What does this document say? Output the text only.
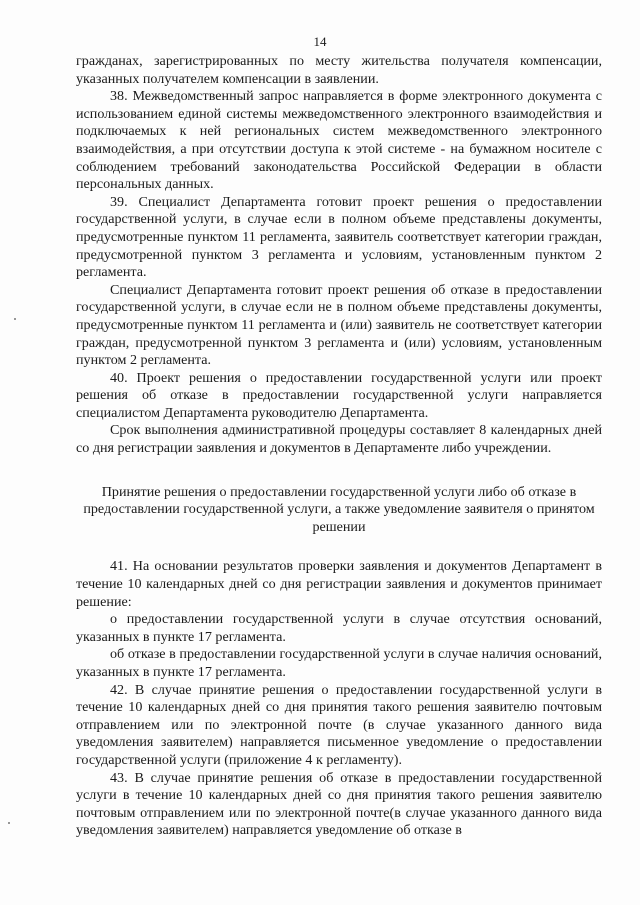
14

гражданах, зарегистрированных по месту жительства получателя компенсации, указанных получателем компенсации в заявлении.

38. Межведомственный запрос направляется в форме электронного документа с использованием единой системы межведомственного электронного взаимодействия и подключаемых к ней региональных систем межведомственного электронного взаимодействия, а при отсутствии доступа к этой системе - на бумажном носителе с соблюдением требований законодательства Российской Федерации в области персональных данных.

39. Специалист Департамента готовит проект решения о предоставлении государственной услуги, в случае если в полном объеме представлены документы, предусмотренные пунктом 11 регламента, заявитель соответствует категории граждан, предусмотренной пунктом 3 регламента и условиям, установленным пунктом 2 регламента.

Специалист Департамента готовит проект решения об отказе в предоставлении государственной услуги, в случае если не в полном объеме представлены документы, предусмотренные пунктом 11 регламента и (или) заявитель не соответствует категории граждан, предусмотренной пунктом 3 регламента и (или) условиям, установленным пунктом 2 регламента.

40. Проект решения о предоставлении государственной услуги или проект решения об отказе в предоставлении государственной услуги направляется специалистом Департамента руководителю Департамента.

Срок выполнения административной процедуры составляет 8 календарных дней со дня регистрации заявления и документов в Департаменте либо учреждении.

Принятие решения о предоставлении государственной услуги либо об отказе в предоставлении государственной услуги, а также уведомление заявителя о принятом решении

41. На основании результатов проверки заявления и документов Департамент в течение 10 календарных дней со дня регистрации заявления и документов принимает решение:

о предоставлении государственной услуги в случае отсутствия оснований, указанных в пункте 17 регламента.

об отказе в предоставлении государственной услуги в случае наличия оснований, указанных в пункте 17 регламента.

42. В случае принятие решения о предоставлении государственной услуги в течение 10 календарных дней со дня принятия такого решения заявителю почтовым отправлением или по электронной почте (в случае указанного данного вида уведомления заявителем) направляется письменное уведомление о предоставлении государственной услуги (приложение 4 к регламенту).

43. В случае принятие решения об отказе в предоставлении государственной услуги в течение 10 календарных дней со дня принятия такого решения заявителю почтовым отправлением или по электронной почте(в случае указанного данного вида уведомления заявителем) направляется уведомление об отказе в
